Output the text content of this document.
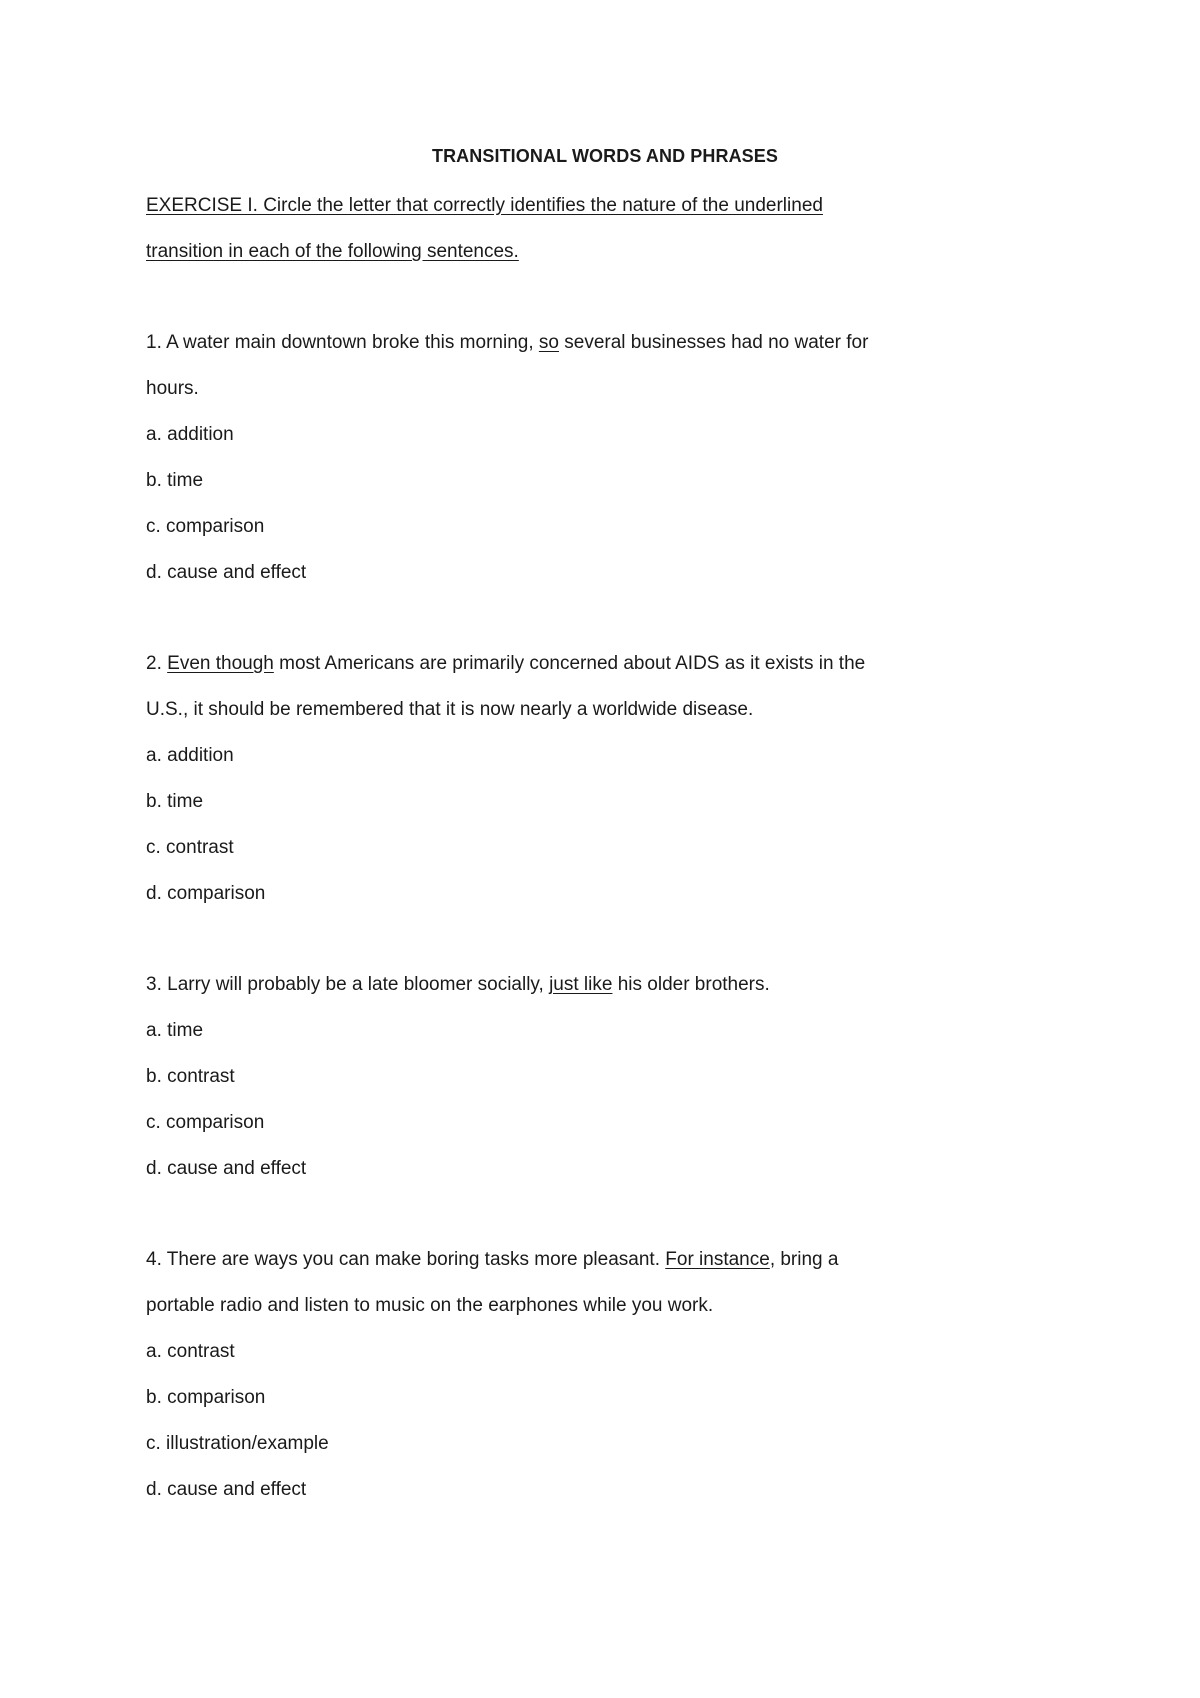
TRANSITIONAL WORDS AND PHRASES
EXERCISE I. Circle the letter that correctly identifies the nature of the underlined
transition in each of the following sentences.
1. A water main downtown broke this morning, so several businesses had no water for
hours.
a. addition
b. time
c. comparison
d. cause and effect
2. Even though most Americans are primarily concerned about AIDS as it exists in the
U.S., it should be remembered that it is now nearly a worldwide disease.
a. addition
b. time
c. contrast
d. comparison
3. Larry will probably be a late bloomer socially, just like his older brothers.
a. time
b. contrast
c. comparison
d. cause and effect
4. There are ways you can make boring tasks more pleasant. For instance, bring a
portable radio and listen to music on the earphones while you work.
a. contrast
b. comparison
c. illustration/example
d. cause and effect
